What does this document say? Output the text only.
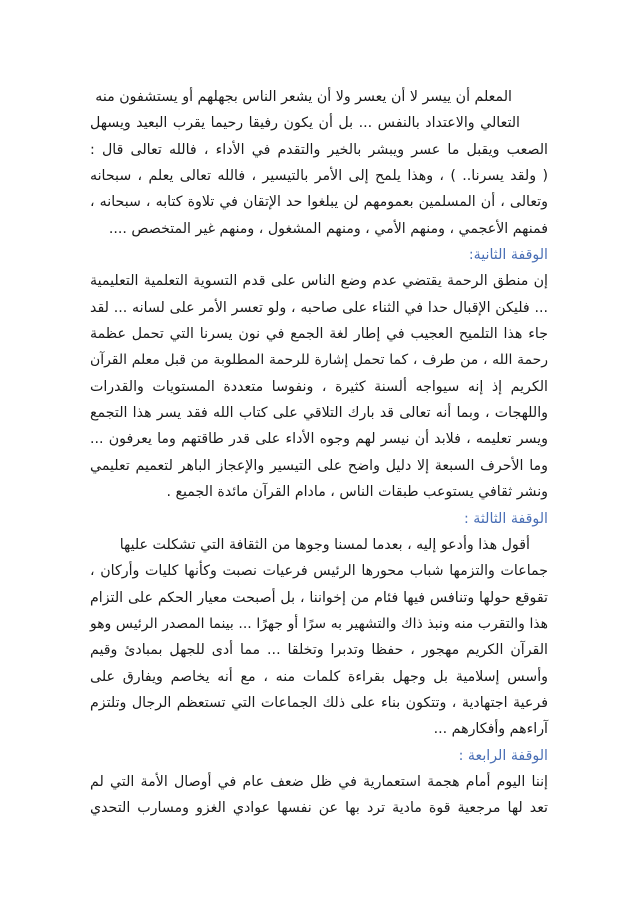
المعلم أن ييسر لا أن يعسر ولا أن يشعر الناس بجهلهم أو يستشفون منه
التعالي والاعتداد بالنفس ... بل أن يكون رفيقا رحيما يقرب البعيد ويسهل
الصعب ويقبل ما عسر ويبشر بالخير والتقدم في الأداء ، فالله تعالى قال :
( ولقد يسرنا.. ) ، وهذا يلمح إلى الأمر بالتيسير ، فالله تعالى يعلم ، سبحانه
وتعالى ، أن المسلمين بعمومهم لن يبلغوا حد الإتقان في تلاوة كتابه ، سبحانه ،
فمنهم الأعجمي ، ومنهم الأمي ، ومنهم المشغول ، ومنهم غير المتخصص ....
الوقفة الثانية:
إن منطق الرحمة يقتضي عدم وضع الناس على قدم التسوية التعلمية التعليمية
... فليكن الإقبال حدا في الثناء على صاحبه ، ولو تعسر الأمر على لسانه ... لقد
جاء هذا التلميح العجيب في إطار لغة الجمع في نون يسرنا التي تحمل عظمة
رحمة الله ، من طرف ، كما تحمل إشارة للرحمة المطلوبة من قبل معلم القرآن
الكريم إذ إنه سيواجه ألسنة كثيرة ، ونفوسا متعددة المستويات والقدرات
واللهجات ، وبما أنه تعالى قد بارك التلاقي على كتاب الله فقد يسر هذا التجمع
ويسر تعليمه ، فلابد أن نيسر لهم وجوه الأداء على قدر طاقتهم وما يعرفون ...
وما الأحرف السبعة إلا دليل واضح على التيسير والإعجاز الباهر لتعميم تعليمي
ونشر ثقافي يستوعب طبقات الناس ، مادام القرآن مائدة الجميع .
الوقفة الثالثة :
أقول هذا وأدعو إليه ، بعدما لمسنا وجوها من الثقافة التي تشكلت عليها
جماعات والتزمها شباب محورها الرئيس فرعيات نصبت وكأنها كليات وأركان ،
تقوقع حولها وتنافس فيها فئام من إخواننا ، بل أصبحت معيار الحكم على التزام
هذا والتقرب منه ونبذ ذاك والتشهير به سرًا أو جهرًا ... بينما المصدر الرئيس وهو
القرآن الكريم مهجور ، حفظا وتدبرا وتخلقا ... مما أدى للجهل بمبادئ وقيم
وأسس إسلامية بل وجهل بقراءة كلمات منه ، مع أنه يخاصم ويفارق على
فرعية اجتهادية ، وتتكون بناء على ذلك الجماعات التي تستعظم الرجال وتلتزم
آراءهم وأفكارهم ...
الوقفة الرابعة :
إننا اليوم أمام هجمة استعمارية في ظل ضعف عام في أوصال الأمة التي لم
تعد لها مرجعية قوة مادية ترد بها عن نفسها عوادي الغزو ومسارب التحدي
